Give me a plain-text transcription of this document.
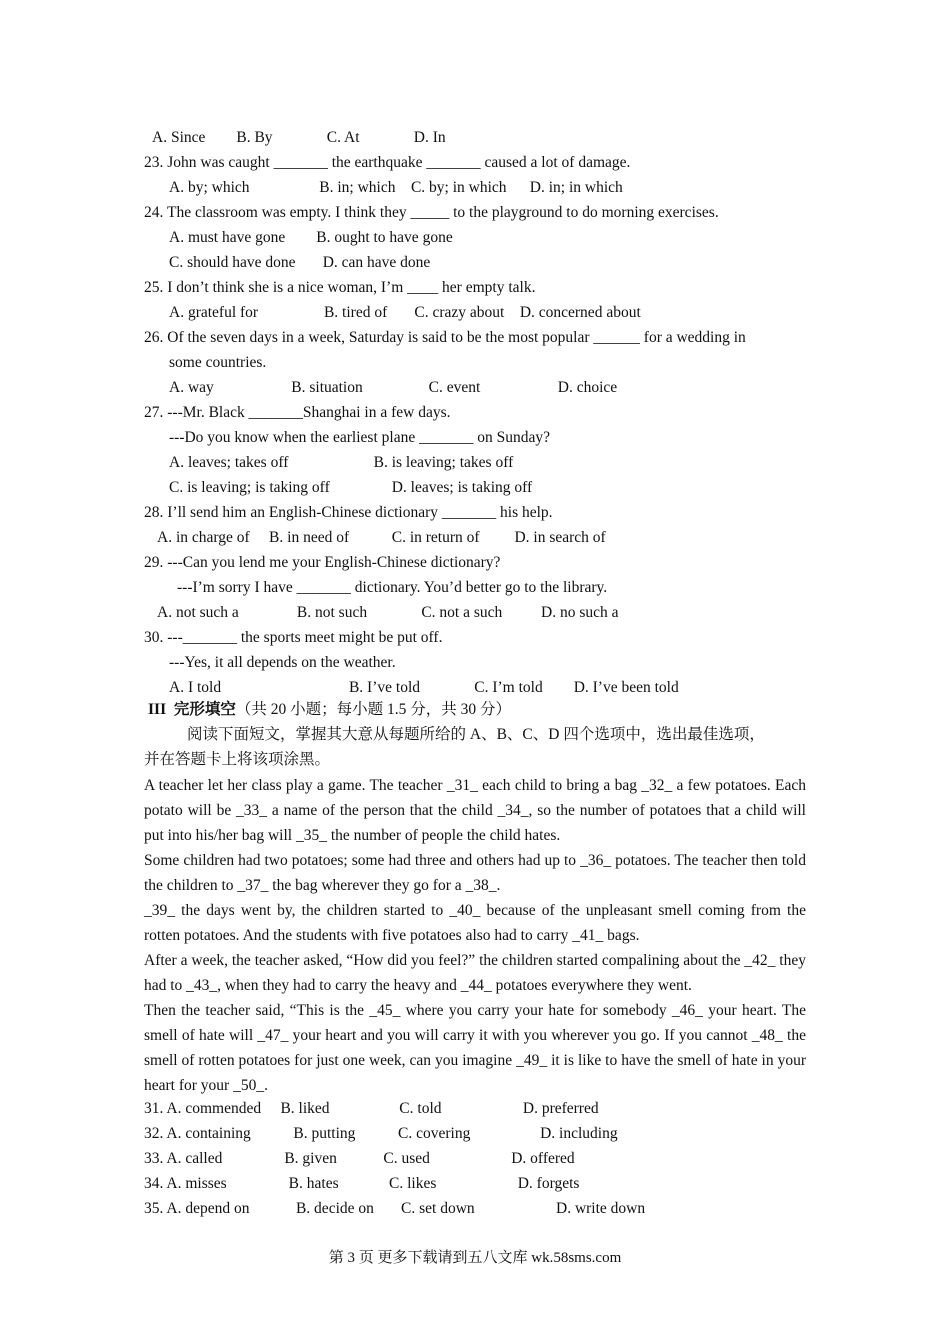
A. Since        B. By              C. At              D. In
23. John was caught _______ the earthquake _______ caused a lot of damage.
A. by; which                  B. in; which    C. by; in which      D. in; in which
24. The classroom was empty. I think they _____ to the playground to do morning exercises.
A. must have gone        B. ought to have gone
C. should have done       D. can have done
25. I don’t think she is a nice woman, I’m ____ her empty talk.
A. grateful for                 B. tired of       C. crazy about    D. concerned about
26. Of the seven days in a week, Saturday is said to be the most popular ______ for a wedding in
some countries.
A. way                    B. situation                 C. event                    D. choice
27. ---Mr. Black _______Shanghai in a few days.
---Do you know when the earliest plane _______ on Sunday?
A. leaves; takes off                      B. is leaving; takes off
C. is leaving; is taking off                D. leaves; is taking off
28. I’ll send him an English-Chinese dictionary _______ his help.
A. in charge of     B. in need of           C. in return of         D. in search of
29. ---Can you lend me your English-Chinese dictionary?
---I’m sorry I have _______ dictionary. You’d better go to the library.
A. not such a               B. not such              C. not a such          D. no such a
30. ---_______ the sports meet might be put off.
---Yes, it all depends on the weather.
A. I told                                 B. I’ve told              C. I’m told        D. I’ve been told
III  完形填空（共 20 小题；每小题 1.5 分，共 30 分）
阅读下面短文，掌握其大意从每题所给的 A、B、C、D 四个选项中，选出最佳选项，
并在答题卡上将该项涂黑。
A teacher let her class play a game. The teacher _31_ each child to bring a bag _32_ a few potatoes. Each potato will be _33_ a name of the person that the child _34_, so the number of potatoes that a child will put into his/her bag will _35_ the number of people the child hates.
Some children had two potatoes; some had three and others had up to _36_ potatoes. The teacher then told the children to _37_ the bag wherever they go for a _38_.
_39_ the days went by, the children started to _40_ because of the unpleasant smell coming from the rotten potatoes. And the students with five potatoes also had to carry _41_ bags.
After a week, the teacher asked, “How did you feel?” the children started compalining about the _42_ they had to _43_, when they had to carry the heavy and _44_ potatoes everywhere they went.
Then the teacher said, “This is the _45_ where you carry your hate for somebody _46_ your heart. The smell of hate will _47_ your heart and you will carry it with you wherever you go. If you cannot _48_ the smell of rotten potatoes for just one week, can you imagine _49_ it is like to have the smell of hate in your heart for your _50_.
31. A. commended     B. liked                  C. told                     D. preferred
32. A. containing           B. putting           C. covering                  D. including
33. A. called                B. given            C. used                     D. offered
34. A. misses                B. hates             C. likes                     D. forgets
35. A. depend on            B. decide on       C. set down                     D. write down
第 3 页 更多下载请到五八文库 wk.58sms.com
